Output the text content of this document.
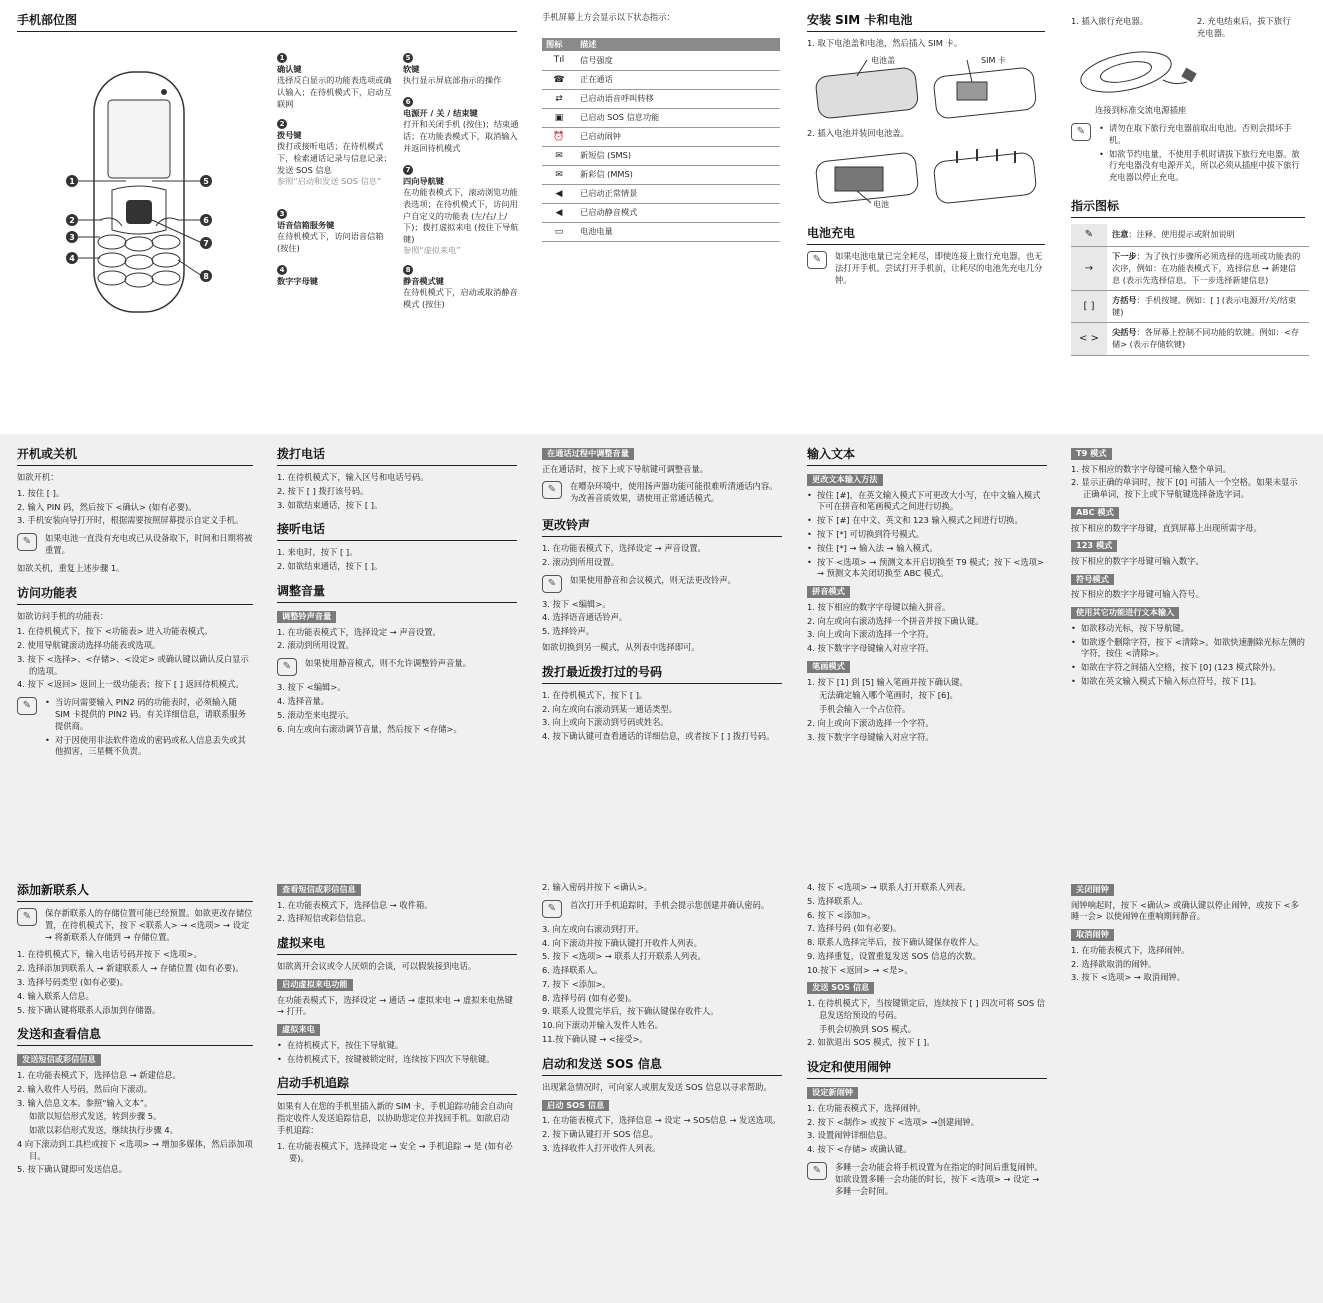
手机部位图
1
2
3
4
5
6
7
8
1
确认键
选择反白显示的功能表选项或确认输入；在待机模式下，启动互联网
2
拨号键
拨打或接听电话；在待机模式下，检索通话记录与信息记录；发送 SOS 信息
参照“启动和发送 SOS 信息”
3
语音信箱服务键
在待机模式下，访问语音信箱 (按住)
4
数字字母键
5
软键
执行显示屏底部指示的操作
6
电源开 / 关 / 结束键
打开和关闭手机 (按住)；结束通话；在功能表模式下，取消输入并返回待机模式
7
四向导航键
在功能表模式下，滚动浏览功能表选项；在待机模式下，访问用户自定义的功能表 (左/右/上/下)；拨打虚拟来电 (按住下导航键)
参照“虚拟来电”
8
静音模式键
在待机模式下，启动或取消静音模式 (按住)

手机屏幕上方会显示以下状态指示：

图标	描述
Tıl	信号强度
☎	正在通话
⇄	已启动语音呼叫转移
▣	已启动 SOS 信息功能
⏰	已启动闹钟
✉	新短信 (SMS)
✉	新彩信 (MMS)
◀	已启动正常情景
◀	已启动静音模式
▭	电池电量
安装 SIM 卡和电池

1. 取下电池盖和电池，然后插入 SIM 卡。

电池盖	SIM 卡

2. 插入电池并装回电池盖。

电池
电池充电
✎	如果电池电量已完全耗尽，即使连接上旅行充电器，也无法打开手机。尝试打开手机前，让耗尽的电池先充电几分钟。
1. 插入旅行充电器。	2. 充电结束后，拔下旅行充电器。

连接到标准交流电源插座

✎	• 请勿在取下旅行充电器前取出电池。否则会损坏手机。
• 如欲节约电量，不使用手机时请拔下旅行充电器。旅行充电器没有电源开关，所以必须从插座中拔下旅行充电器以停止充电。
指示图标
✎	注意：注释、使用提示或附加说明
→	下一步：为了执行步骤所必须选择的选项或功能表的次序，例如：在功能表模式下，选择信息 → 新建信息 (表示先选择信息、下一步选择新建信息)
[ ]	方括号：手机按键。例如：[ ] (表示电源开/关/结束键)
< >	尖括号：各屏幕上控制不同功能的软键。例如：<存储> (表示存储软键)
开机或关机

如欲开机：

1. 按住 [ ]。
2. 输入 PIN 码，然后按下 <确认> (如有必要)。
3. 手机安装向导打开时，根据需要按照屏幕提示自定义手机。
✎	如果电池一直没有充电或已从设备取下，时间和日期将被重置。

如欲关机，重复上述步骤 1。

访问功能表

如欲访问手机的功能表：

1. 在待机模式下，按下 <功能表> 进入功能表模式。
2. 使用导航键滚动选择功能表或选项。
3. 按下 <选择>、<存储>、<设定> 或确认键以确认反白显示的选项。
4. 按下 <返回> 返回上一级功能表；按下 [ ] 返回待机模式。
✎	• 当访问需要输入 PIN2 码的功能表时，必须输入随 SIM 卡提供的 PIN2 码。有关详细信息，请联系服务提供商。
• 对于因使用非法软件造成的密码或私人信息丢失或其他损害，三星概不负责。
拨打电话
1. 在待机模式下，输入区号和电话号码。
2. 按下 [ ] 拨打该号码。
3. 如欲结束通话，按下 [ ]。
接听电话
1. 来电时，按下 [ ]。
2. 如欲结束通话，按下 [ ]。
调整音量
调整铃声音量
1. 在功能表模式下，选择设定 → 声音设置。
2. 滚动到所用设置。
✎	如果使用静音模式，则不允许调整铃声音量。
3. 按下 <编辑>。
4. 选择音量。
5. 滚动至来电提示。
6. 向左或向右滚动调节音量，然后按下 <存储>。
在通话过程中调整音量

正在通话时，按下上或下导航键可调整音量。

✎	在嘈杂环境中，使用扬声器功能可能很难听清通话内容。为改善音质效果，请使用正常通话模式。
更改铃声
1. 在功能表模式下，选择设定 → 声音设置。
2. 滚动到所用设置。
✎	如果使用静音和会议模式，则无法更改铃声。
3. 按下 <编辑>。
4. 选择语音通话铃声。
5. 选择铃声。

如欲切换到另一模式，从列表中选择即可。

拨打最近拨打过的号码
1. 在待机模式下，按下 [ ]。
2. 向左或向右滚动到某一通话类型。
3. 向上或向下滚动到号码或姓名。
4. 按下确认键可查看通话的详细信息，或者按下 [ ] 拨打号码。
输入文本
更改文本输入方法
• 按住 [#]，在英文输入模式下可更改大小写，在中文输入模式下可在拼音和笔画模式之间进行切换。
• 按下 [#] 在中文、英文和 123 输入模式之间进行切换。
• 按下 [*] 可切换到符号模式。
• 按住 [*] → 输入法 → 输入模式。
• 按下 <选项> → 预测文本开启切换至 T9 模式；按下 <选项> → 预测文本关闭切换至 ABC 模式。
拼音模式
1. 按下相应的数字字母键以输入拼音。
2. 向左或向右滚动选择一个拼音并按下确认键。
3. 向上或向下滚动选择一个字符。
4. 按下数字字母键输入对应字符。
笔画模式
1. 按下 [1] 到 [5] 输入笔画并按下确认键。
无法确定输入哪个笔画时，按下 [6]。
手机会输入一个占位符。
2. 向上或向下滚动选择一个字符。
3. 按下数字字母键输入对应字符。
T9 模式
1. 按下相应的数字字母键可输入整个单词。
2. 显示正确的单词时，按下 [0] 可插入一个空格。如果未显示正确单词，按下上或下导航键选择备选字词。
ABC 模式

按下相应的数字字母键，直到屏幕上出现所需字母。

123 模式

按下相应的数字字母键可输入数字。

符号模式

按下相应的数字字母键可输入符号。

使用其它功能进行文本输入
• 如欲移动光标，按下导航键。
• 如欲逐个删除字符，按下 <清除>。如欲快速删除光标左侧的字符，按住 <清除>。
• 如欲在字符之间插入空格，按下 [0] (123 模式除外)。
• 如欲在英文输入模式下输入标点符号，按下 [1]。
添加新联系人
✎	保存新联系人的存储位置可能已经预置。如欲更改存储位置，在待机模式下，按下 <联系人> → <选项> → 设定 → 将新联系人存储到 → 存储位置。
1. 在待机模式下，输入电话号码并按下 <选项>。
2. 选择添加到联系人 → 新建联系人 → 存储位置 (如有必要)。
3. 选择号码类型 (如有必要)。
4. 输入联系人信息。
5. 按下确认键将联系人添加到存储器。
发送和查看信息
发送短信或彩信信息
1. 在功能表模式下，选择信息 → 新建信息。
2. 输入收件人号码，然后向下滚动。
3. 输入信息文本。参照“输入文本”。
如欲以短信形式发送，转到步骤 5。
如欲以彩信形式发送，继续执行步骤 4。
4 向下滚动到工具栏或按下 <选项> → 增加多媒体，然后添加项目。
5. 按下确认键即可发送信息。
查看短信或彩信信息
1. 在功能表模式下，选择信息 → 收件箱。
2. 选择短信或彩信信息。
虚拟来电

如欲离开会议或令人厌烦的会谈，可以假装接到电话。

启动虚拟来电功能

在功能表模式下，选择设定 → 通话 → 虚拟来电 → 虚拟来电热键 → 打开。

虚拟来电
• 在待机模式下，按住下导航键。
• 在待机模式下，按键被锁定时，连续按下四次下导航键。
启动手机追踪

如果有人在您的手机里插入新的 SIM 卡，手机追踪功能会自动向指定收件人发送追踪信息，以协助您定位并找回手机。如欲启动手机追踪：

1. 在功能表模式下，选择设定 → 安全 → 手机追踪 → 是 (如有必要)。
2. 输入密码并按下 <确认>。
✎	首次打开手机追踪时，手机会提示您创建并确认密码。
3. 向左或向右滚动到打开。
4. 向下滚动并按下确认键打开收件人列表。
5. 按下 <选项> → 联系人打开联系人列表。
6. 选择联系人。
7. 按下 <添加>。
8. 选择号码 (如有必要)。
9. 联系人设置完毕后，按下确认键保存收件人。
10.向下滚动并输入发件人姓名。
11.按下确认键 → <接受>。
启动和发送 SOS 信息

出现紧急情况时，可向家人或朋友发送 SOS 信息以寻求帮助。

启动 SOS 信息
1. 在功能表模式下，选择信息 → 设定 → SOS信息 → 发送选项。
2. 按下确认键打开 SOS 信息。
3. 选择收件人打开收件人列表。
4. 按下 <选项> → 联系人打开联系人列表。
5. 选择联系人。
6. 按下 <添加>。
7. 选择号码 (如有必要)。
8. 联系人选择完毕后，按下确认键保存收件人。
9. 选择重复，设置重复发送 SOS 信息的次数。
10.按下 <返回> → <是>。
发送 SOS 信息
1. 在待机模式下，当按键锁定后，连续按下 [ ] 四次可将 SOS 信息发送给预设的号码。
手机会切换到 SOS 模式。
2. 如欲退出 SOS 模式，按下 [ ]。
设定和使用闹钟
设定新闹钟
1. 在功能表模式下，选择闹钟。
2. 按下 <制作> 或按下 <选项> →创建闹钟。
3. 设置闹钟详细信息。
4. 按下 <存储> 或确认键。
✎	多睡一会功能会将手机设置为在指定的时间后重复闹钟。如欲设置多睡一会功能的时长，按下 <选项> → 设定 → 多睡一会时间。
关闭闹钟

闹钟响起时，按下 <确认> 或确认键以停止闹钟，或按下 <多睡一会> 以使闹钟在重响期间静音。

取消闹钟
1. 在功能表模式下，选择闹钟。
2. 选择欲取消的闹钟。
3. 按下 <选项> → 取消闹钟。
